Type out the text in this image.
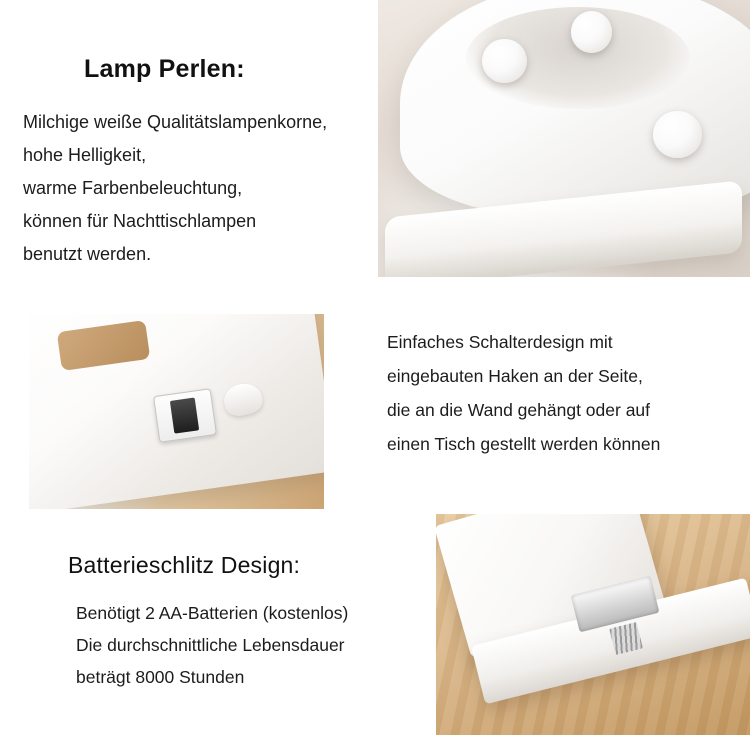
Lamp Perlen:
Milchige weiße Qualitätslampenkorne,
hohe Helligkeit,
warme Farbenbeleuchtung,
können für Nachttischlampen
benutzt werden.
Einfaches Schalterdesign mit
eingebauten Haken an der Seite,
die an die Wand gehängt oder auf
einen Tisch gestellt werden können
Batterieschlitz Design:
Benötigt 2 AA-Batterien (kostenlos)
Die durchschnittliche Lebensdauer
beträgt 8000 Stunden
